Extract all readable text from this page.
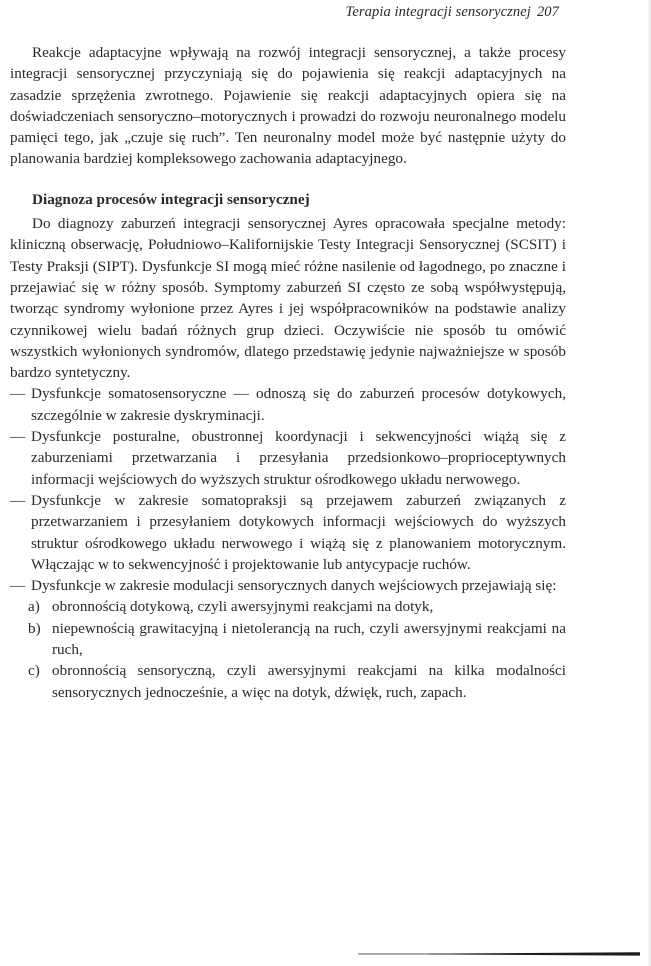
Terapia integracji sensorycznej 207

Reakcje adaptacyjne wpływają na rozwój integracji sensorycznej, a także procesy integracji sensorycznej przyczyniają się do pojawienia się reakcji adaptacyjnych na zasadzie sprzężenia zwrotnego. Pojawienie się reakcji adaptacyjnych opiera się na doświadczeniach sensoryczno–motorycznych i prowadzi do rozwoju neuronalnego modelu pamięci tego, jak „czuje się ruch”. Ten neuronalny model może być następnie użyty do planowania bardziej kompleksowego zachowania adaptacyjnego.

Diagnoza procesów integracji sensorycznej

Do diagnozy zaburzeń integracji sensorycznej Ayres opracowała specjalne metody: kliniczną obserwację, Południowo–Kalifornijskie Testy Integracji Sensorycznej (SCSIT) i Testy Praksji (SIPT). Dysfunkcje SI mogą mieć różne nasilenie od łagodnego, po znaczne i przejawiać się w różny sposób. Symptomy zaburzeń SI często ze sobą współwystępują, tworząc syndromy wyłonione przez Ayres i jej współpracowników na podstawie analizy czynnikowej wielu badań różnych grup dzieci. Oczywiście nie sposób tu omówić wszystkich wyłonionych syndromów, dlatego przedstawię jedynie najważniejsze w sposób bardzo syntetyczny.

— Dysfunkcje somatosensoryczne — odnoszą się do zaburzeń procesów dotykowych, szczególnie w zakresie dyskryminacji.
— Dysfunkcje posturalne, obustronnej koordynacji i sekwencyjności wiążą się z zaburzeniami przetwarzania i przesyłania przedsionkowo–proprioceptywnych informacji wejściowych do wyższych struktur ośrodkowego układu nerwowego.
— Dysfunkcje w zakresie somatopraksji są przejawem zaburzeń związanych z przetwarzaniem i przesyłaniem dotykowych informacji wejściowych do wyższych struktur ośrodkowego układu nerwowego i wiążą się z planowaniem motorycznym. Włączając w to sekwencyjność i projektowanie lub antycypacje ruchów.
— Dysfunkcje w zakresie modulacji sensorycznych danych wejściowych przejawiają się:
a) obronnością dotykową, czyli awersyjnymi reakcjami na dotyk,
b) niepewnością grawitacyjną i nietolerancją na ruch, czyli awersyjnymi reakcjami na ruch,
c) obronnością sensoryczną, czyli awersyjnymi reakcjami na kilka modalności sensorycznych jednocześnie, a więc na dotyk, dźwięk, ruch, zapach.
